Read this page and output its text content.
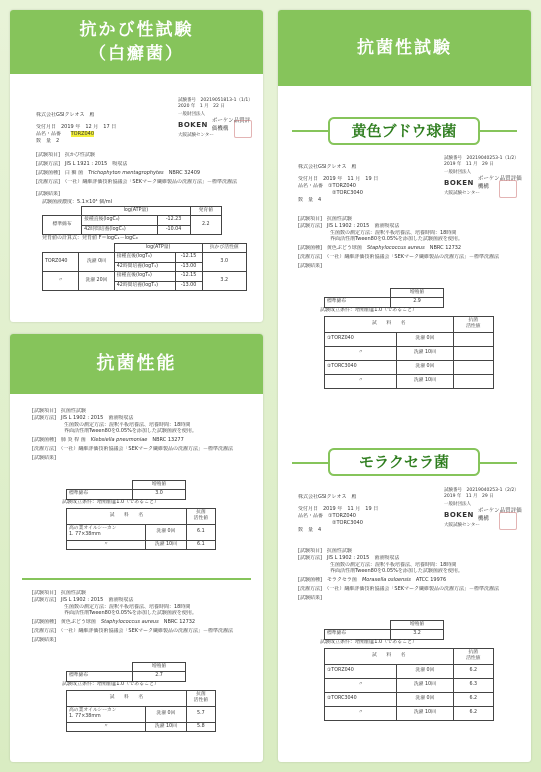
抗かび性試験
（白癬菌）
試験番号　20219051813-1（1/1）
2020 年　1 月　22 日
一般財団法人
BOKEN ボーケン品質評価機構
大阪試験センター
株式会社GSIクレオス　殿
受付月日　2019 年　12 月　17 日
品名・品番 TORZ040
数　量　2
[試験項目]　 抗かび性試験
[試験方法]　 JIS L 1921 : 2015　吸収法
[試験菌種]　 白 癬 菌　 Trichophyton mentagrophytes　 NBRC 32409
[洗濯方法]　 （一社）繊維評価技術協議会「SEKマーク繊維製品の洗濯方法」－標準洗濯法
[試験結果]
試験菌液濃度：5.1×10⁴ 個/ml
	log(ATP量)		発育値
標準綿布	接種直後(logC₀)	-12.23	2.2
	42時間培養(logC₁)	-10.04	
発育値の計算式：発育値 F＝logC₁－logC₀
		log(ATP量)		抗かび活性値
TORZ040	洗濯 0回	接種直後(logT₀)	-12.15	3.0
		42時間培養(logT₁)	-13.00	
〃	洗濯 20回	接種直後(logT₀)	-12.15	3.2
		42時間培養(logT₁)	-13.00	
抗菌性能
[試験項目]　 抗菌性試験
[試験方法]　 JIS L 1902 : 2015　菌液吸収法
生菌数の測定方法：混釈平板培養法、培養時間：18時間
界面活性剤Tween80を0.05%を添加した試験菌液を使用。
[試験菌種]　 肺 炎 桿 菌　 Klebsiella pneumoniae　 NBRC 13277
[洗濯方法]　 （一社）繊維評価技術協議会「SEKマーク繊維製品の洗濯方法」－標準洗濯法
[試験結果]
	増殖値
標準綿布	3.0
試験成立条件：増殖値≧1.0（であること）
試　　料　　名		抗菌
活性値

高の業オイルシーカン
1. 77×38mm	洗濯 0回	6.1
〃	洗濯 10回	6.1
[試験項目]　 抗菌性試験
[試験方法]　 JIS L 1902 : 2015　菌液吸収法
生菌数の測定方法：混釈平板培養法、培養時間：18時間
界面活性剤Tween80を0.05%を添加した試験菌液を使用。
[試験菌種]　 黄色ぶどう球菌　 Staphylococcus aureus　 NBRC 12732
[洗濯方法]　 （一社）繊維評価技術協議会「SEKマーク繊維製品の洗濯方法」－標準洗濯法
[試験結果]
	増殖値
標準綿布	2.7
試験成立条件：増殖値≧1.0（であること）
試　　料　　名		抗菌
活性値

高の業オイルシーカン
1. 77×38mm	洗濯 0回	5.7
〃	洗濯 10回	5.8
抗菌性試験
黄色ブドウ球菌
試験番号　20219040253-1（1/2）
2019 年　11 月　29 日
一般財団法人
BOKEN ボーケン品質評価機構
大阪試験センター
株式会社GSIクレオス　殿
受付月日　2019 年　11 月　19 日
品名・品番　 ①TORZ040
②TORC3040
数　量　4
[試験項目]　 抗菌性試験
[試験方法]　 JIS L 1902 : 2015　菌液吸収法
生菌数の測定方法：混釈平板培養法、培養時間：18時間
界面活性剤Tween80を0.05%を添加した試験菌液を使用。
[試験菌種]　 黄色ぶどう球菌　 Staphylococcus aureus　 NBRC 12732
[洗濯方法]　 （一社）繊維評価技術協議会「SEKマーク繊維製品の洗濯方法」－標準洗濯法
[試験結果]
	増殖値
標準綿布	2.9
試験成立条件：増殖値≧1.0（であること）
試　　料　　名		抗菌
活性値
①TORZ040	洗濯 0回	
〃	洗濯 10回	
②TORC3040	洗濯 0回	
〃	洗濯 10回	
モラクセラ菌
試験番号　20219040253-1（2/2）
2019 年　11 月　29 日
一般財団法人
BOKEN ボーケン品質評価機構
大阪試験センター
株式会社GSIクレオス　殿
受付月日　2019 年　11 月　19 日
品名・品番　 ①TORZ040
②TORC3040
数　量　4
[試験項目]　 抗菌性試験
[試験方法]　 JIS L 1902 : 2015　菌液吸収法
生菌数の測定方法：混釈平板培養法、培養時間：18時間
界面活性剤Tween80を0.05%を添加した試験菌液を使用。
[試験菌種]　 モラクセラ菌　 Moraxella osloensis　 ATCC 19976
[洗濯方法]　 （一社）繊維評価技術協議会「SEKマーク繊維製品の洗濯方法」－標準洗濯法
[試験結果]
	増殖値
標準綿布	3.2
試験成立条件：増殖値≧1.0（であること）
試　　料　　名		抗菌
活性値
①TORZ040	洗濯 0回	6.2
〃	洗濯 10回	6.3
②TORC3040	洗濯 0回	6.2
〃	洗濯 10回	6.2
